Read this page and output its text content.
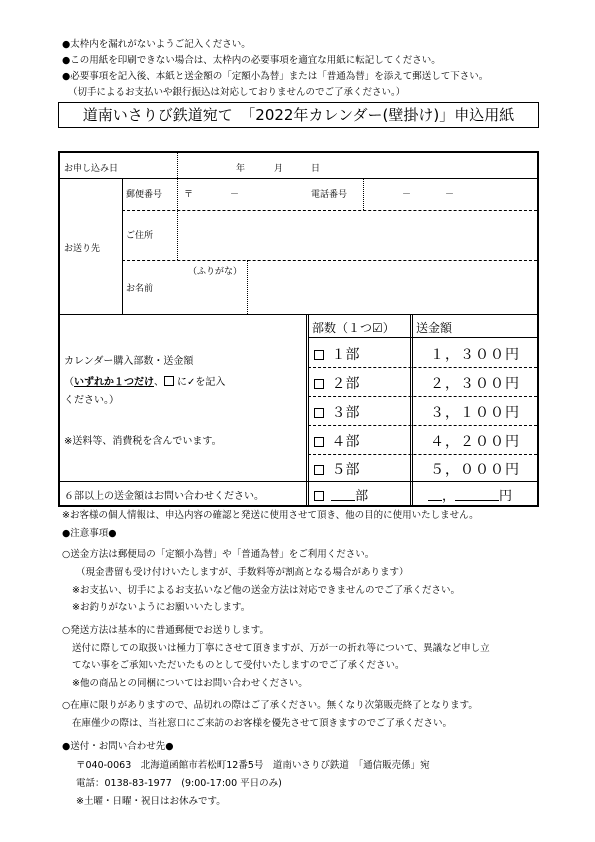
●太枠内を漏れがないようご記入ください。
●この用紙を印刷できない場合は、太枠内の必要事項を適宜な用紙に転記してください。
●必要事項を記入後、本紙と送金額の「定額小為替」または「普通為替」を添えて郵送して下さい。
（切手によるお支払いや銀行振込は対応しておりませんのでご了承ください。）
道南いさりび鉄道宛て　「2022年カレンダー(壁掛け)」申込用紙
お申し込み日	年	月	日
お送り先
郵便番号 〒	－	電話番号	－	－
ご住所
（ふりがな）
お名前
カレンダー購入部数・送金額
（いずれか１つだけ、 に✓を記入
ください。）
※送料等、消費税を含んでいます。
部数（１つ☑） 送金額
１部	１，３００円
２部	２，３００円
３部	３，１００円
４部	４，２００円
５部	５，０００円
６部以上の送金額はお問い合わせください。	部	，	円
※お客様の個人情報は、申込内容の確認と発送に使用させて頂き、他の目的に使用いたしません。
●注意事項●
○送金方法は郵便局の「定額小為替」や「普通為替」をご利用ください。
（現金書留も受け付けいたしますが、手数料等が割高となる場合があります）
※お支払い、切手によるお支払いなど他の送金方法は対応できませんのでご了承ください。
※お釣りがないようにお願いいたします。
○発送方法は基本的に普通郵便でお送りします。
送付に際しての取扱いは極力丁寧にさせて頂きますが、万が一の折れ等について、異議など申し立
てない事をご承知いただいたものとして受付いたしますのでご了承ください。
※他の商品との同梱についてはお問い合わせください。
○在庫に限りがありますので、品切れの際はご了承ください。無くなり次第販売終了となります。
在庫僅少の際は、当社窓口にご来訪のお客様を優先させて頂きますのでご了承ください。
●送付・お問い合わせ先●
〒040-0063　北海道函館市若松町12番5号　道南いさりび鉄道　「通信販売係」宛
電話：0138-83-1977　(9:00-17:00 平日のみ)
※土曜・日曜・祝日はお休みです。
